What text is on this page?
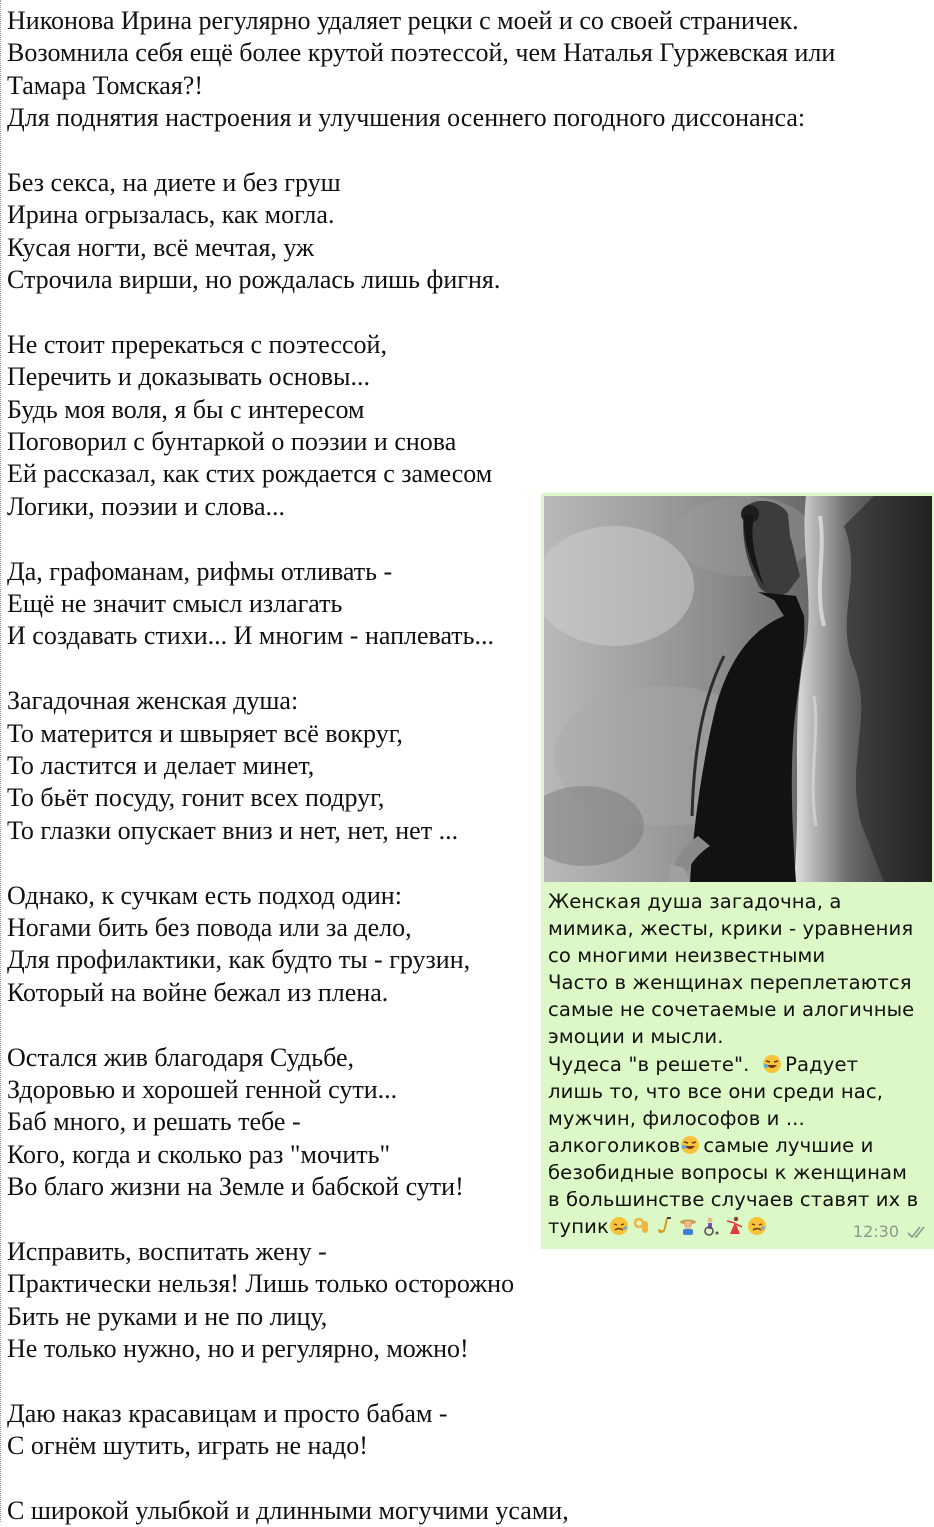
Никонова Ирина регулярно удаляет рецки с моей и со своей страничек.
Возомнила себя ещё более крутой поэтессой, чем Наталья Гуржевская или
Тамара Томская?!
Для поднятия настроения и улучшения осеннего погодного диссонанса:
Без секса, на диете и без груш
Ирина огрызалась, как могла.
Кусая ногти, всё мечтая, уж
Строчила вирши, но рождалась лишь фигня.
Не стоит пререкаться с поэтессой,
Перечить и доказывать основы...
Будь моя воля, я бы с интересом
Поговорил с бунтаркой о поэзии и снова
Ей рассказал, как стих рождается с замесом
Логики, поэзии и слова...
Да, графоманам, рифмы отливать -
Ещё не значит смысл излагать
И создавать стихи... И многим - наплевать...
Загадочная женская душа:
То матерится и швыряет всё вокруг,
То ластится и делает минет,
То бьёт посуду, гонит всех подруг,
То глазки опускает вниз и нет, нет, нет ...
Однако, к сучкам есть подход один:
Ногами бить без повода или за дело,
Для профилактики, как будто ты - грузин,
Который на войне бежал из плена.
Остался жив благодаря Судьбе,
Здоровью и хорошей генной сути...
Баб много, и решать тебе -
Кого, когда и сколько раз "мочить"
Во благо жизни на Земле и бабской сути!
Исправить, воспитать жену -
Практически нельзя! Лишь только осторожно
Бить не руками и не по лицу,
Не только нужно, но и регулярно, можно!
Даю наказ красавицам и просто бабам -
С огнём шутить, играть не надо!
С широкой улыбкой и длинными могучими усами,
Женская душа загадочна, а
мимика, жесты, крики - уравнения
со многими неизвестными
Часто в женщинах переплетаются
самые не сочетаемые и алогичные
эмоции и мысли.
Чудеса "в решете". Радует
лишь то, что все они среди нас,
мужчин, философов и ...
алкоголиков самые лучшие и
безобидные вопросы к женщинам
в большинстве случаев ставят их в
тупик	12:30
